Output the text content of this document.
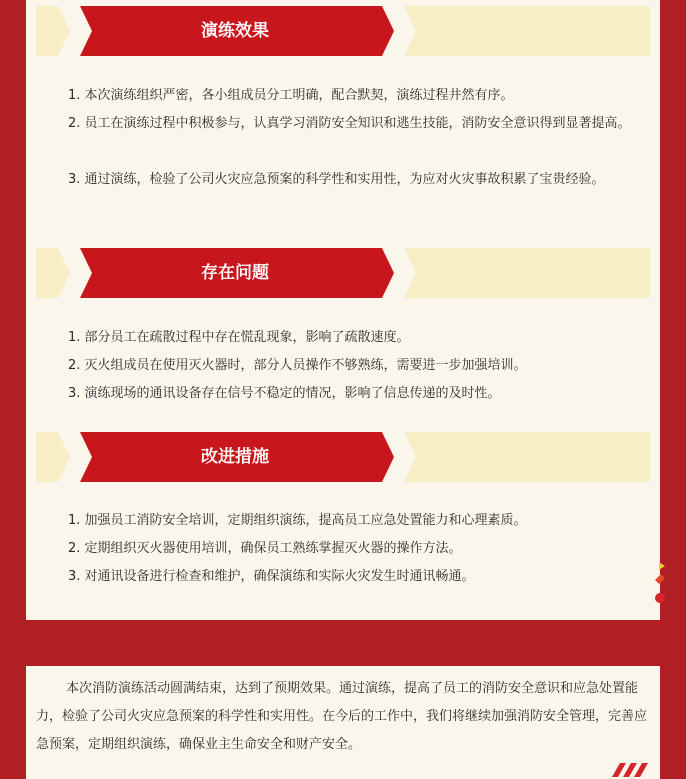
演练效果

1. 本次演练组织严密，各小组成员分工明确，配合默契，演练过程井然有序。

2. 员工在演练过程中积极参与，认真学习消防安全知识和逃生技能，消防安全意识得到显著提高。

3. 通过演练，检验了公司火灾应急预案的科学性和实用性，为应对火灾事故积累了宝贵经验。

存在问题

1. 部分员工在疏散过程中存在慌乱现象，影响了疏散速度。

2. 灭火组成员在使用灭火器时，部分人员操作不够熟练，需要进一步加强培训。

3. 演练现场的通讯设备存在信号不稳定的情况，影响了信息传递的及时性。

改进措施

1. 加强员工消防安全培训，定期组织演练，提高员工应急处置能力和心理素质。

2. 定期组织灭火器使用培训，确保员工熟练掌握灭火器的操作方法。

3. 对通讯设备进行检查和维护，确保演练和实际火灾发生时通讯畅通。

本次消防演练活动圆满结束，达到了预期效果。通过演练，提高了员工的消防安全意识和应急处置能力，检验了公司火灾应急预案的科学性和实用性。在今后的工作中，我们将继续加强消防安全管理，完善应急预案，定期组织演练，确保业主生命安全和财产安全。
